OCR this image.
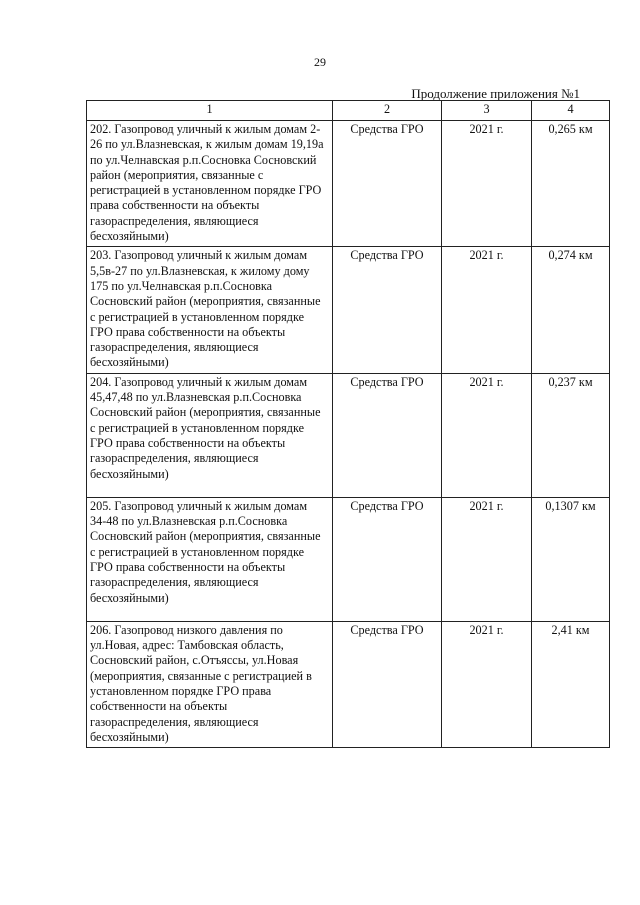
29
Продолжение приложения №1
1	2	3	4
202. Газопровод уличный к жилым домам 2-26 по ул.Влазневская, к жилым домам 19,19а по ул.Челнавская р.п.Сосновка Сосновский район (мероприятия, связанные с регистрацией в установленном порядке ГРО права собственности на объекты газораспределения, являющиеся бесхозяйными)	Средства ГРО	2021 г.	0,265 км
203. Газопровод уличный к жилым домам 5,5в-27 по ул.Влазневская, к жилому дому 175 по ул.Челнавская р.п.Сосновка Сосновский район (мероприятия, связанные с регистрацией в установленном порядке ГРО права собственности на объекты газораспределения, являющиеся бесхозяйными)	Средства ГРО	2021 г.	0,274 км
204. Газопровод уличный к жилым домам 45,47,48 по ул.Влазневская р.п.Сосновка Сосновский район (мероприятия, связанные с регистрацией в установленном порядке ГРО права собственности на объекты газораспределения, являющиеся бесхозяйными)	Средства ГРО	2021 г.	0,237 км
205. Газопровод уличный к жилым домам 34-48 по ул.Влазневская р.п.Сосновка Сосновский район (мероприятия, связанные с регистрацией в установленном порядке ГРО права собственности на объекты газораспределения, являющиеся бесхозяйными)	Средства ГРО	2021 г.	0,1307 км
206. Газопровод низкого давления по ул.Новая, адрес: Тамбовская область, Сосновский район, с.Отъяссы, ул.Новая (мероприятия, связанные с регистрацией в установленном порядке ГРО права собственности на объекты газораспределения, являющиеся бесхозяйными)	Средства ГРО	2021 г.	2,41 км
